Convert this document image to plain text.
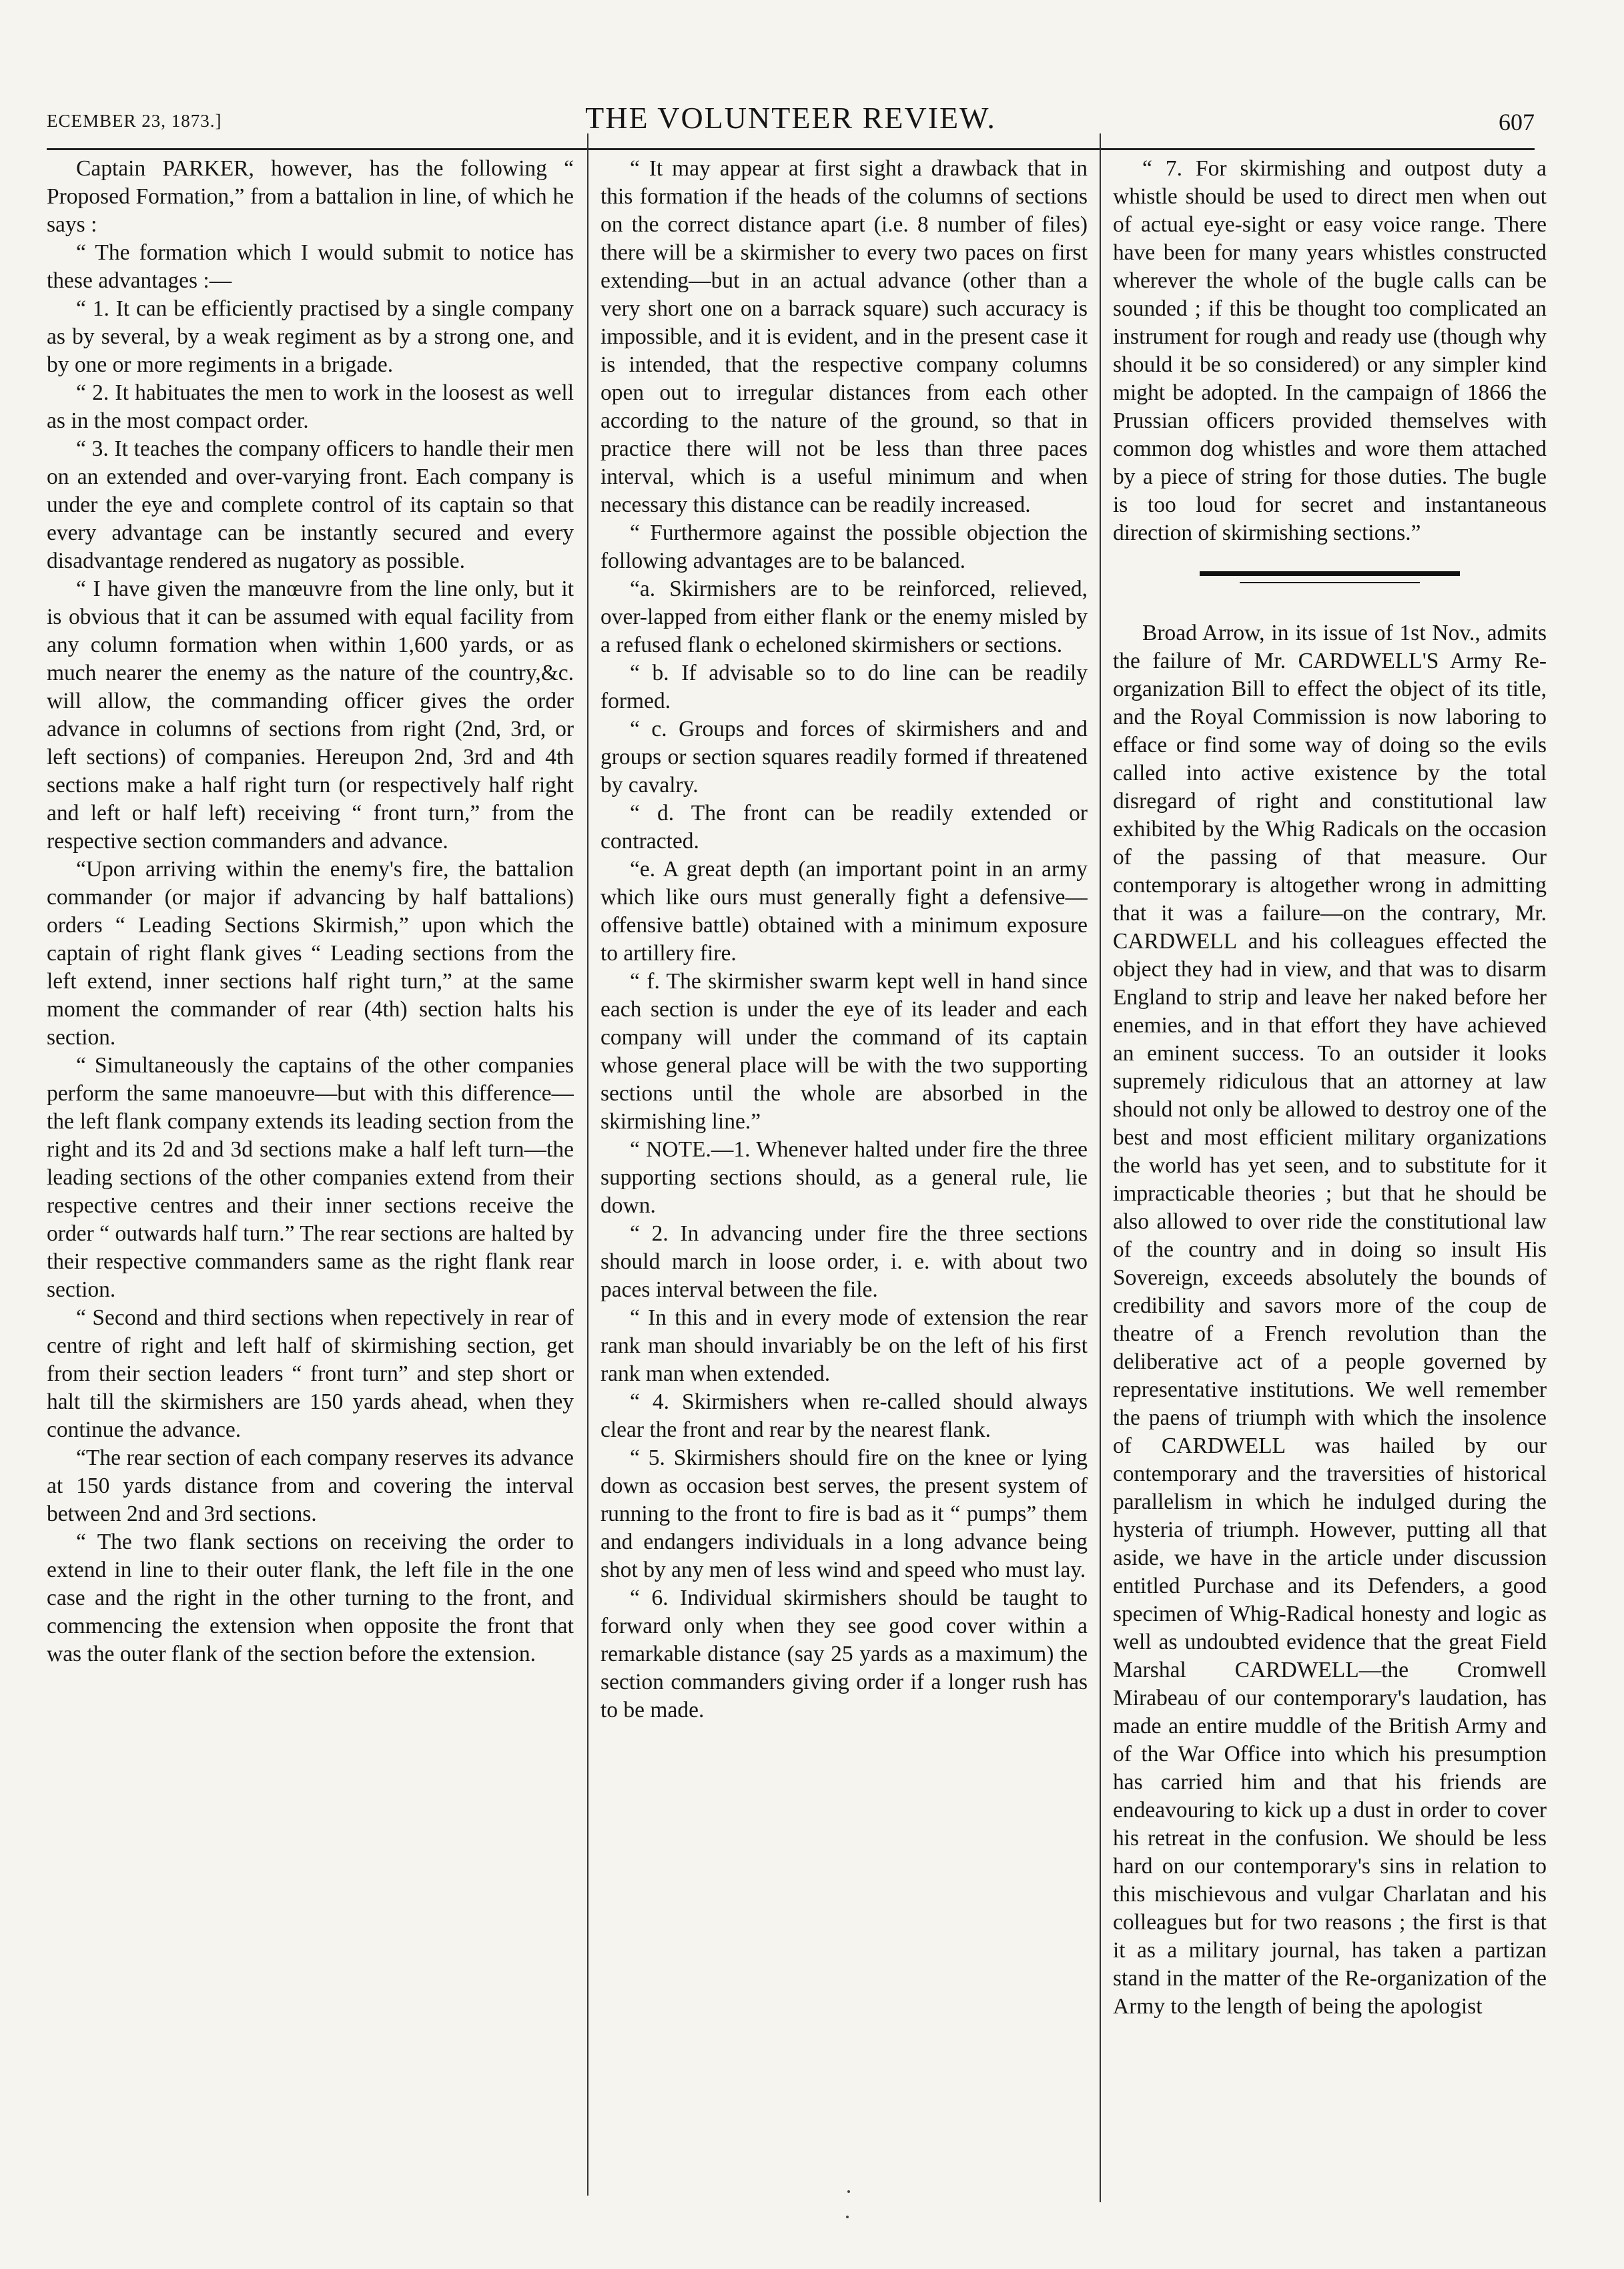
ECEMBER 23, 1873.]	THE VOLUNTEER REVIEW.	607

Captain PARKER, however, has the following “ Proposed Formation,” from a battalion in line, of which he says :

“ The formation which I would submit to notice has these advantages :—

“ 1. It can be efficiently practised by a single company as by several, by a weak regiment as by a strong one, and by one or more regiments in a brigade.

“ 2. It habituates the men to work in the loosest as well as in the most compact order.

“ 3. It teaches the company officers to handle their men on an extended and over-varying front. Each company is under the eye and complete control of its captain so that every advantage can be instantly secured and every disadvantage rendered as nugatory as possible.

“ I have given the manœuvre from the line only, but it is obvious that it can be assumed with equal facility from any column formation when within 1,600 yards, or as much nearer the enemy as the nature of the country,&c. will allow, the commanding officer gives the order advance in columns of sections from right (2nd, 3rd, or left sections) of companies. Hereupon 2nd, 3rd and 4th sections make a half right turn (or respectively half right and left or half left) receiving “ front turn,” from the respective section commanders and advance.

“Upon arriving within the enemy's fire, the battalion commander (or major if advancing by half battalions) orders “ Leading Sections Skirmish,” upon which the captain of right flank gives “ Leading sections from the left extend, inner sections half right turn,” at the same moment the commander of rear (4th) section halts his section.

“ Simultaneously the captains of the other companies perform the same manoeuvre—but with this difference—the left flank company extends its leading section from the right and its 2d and 3d sections make a half left turn—the leading sections of the other companies extend from their respective centres and their inner sections receive the order “ outwards half turn.” The rear sections are halted by their respective commanders same as the right flank rear section.

“ Second and third sections when repectively in rear of centre of right and left half of skirmishing section, get from their section leaders “ front turn” and step short or halt till the skirmishers are 150 yards ahead, when they continue the advance.

“The rear section of each company reserves its advance at 150 yards distance from and covering the interval between 2nd and 3rd sections.

“ The two flank sections on receiving the order to extend in line to their outer flank, the left file in the one case and the right in the other turning to the front, and commencing the extension when opposite the front that was the outer flank of the section before the extension.

“ It may appear at first sight a drawback that in this formation if the heads of the columns of sections on the correct distance apart (i.e. 8 number of files) there will be a skirmisher to every two paces on first extending—but in an actual advance (other than a very short one on a barrack square) such accuracy is impossible, and it is evident, and in the present case it is intended, that the respective company columns open out to irregular distances from each other according to the nature of the ground, so that in practice there will not be less than three paces interval, which is a useful minimum and when necessary this distance can be readily increased.

“ Furthermore against the possible objection the following advantages are to be balanced.

“a. Skirmishers are to be reinforced, relieved, over-lapped from either flank or the enemy misled by a refused flank o echeloned skirmishers or sections.

“ b. If advisable so to do line can be readily formed.

“ c. Groups and forces of skirmishers and and groups or section squares readily formed if threatened by cavalry.

“ d. The front can be readily extended or contracted.

“e. A great depth (an important point in an army which like ours must generally fight a defensive—offensive battle) obtained with a minimum exposure to artillery fire.

“ f. The skirmisher swarm kept well in hand since each section is under the eye of its leader and each company will under the command of its captain whose general place will be with the two supporting sections until the whole are absorbed in the skirmishing line.”

“ NOTE.—1. Whenever halted under fire the three supporting sections should, as a general rule, lie down.

“ 2. In advancing under fire the three sections should march in loose order, i. e. with about two paces interval between the file.

“ In this and in every mode of extension the rear rank man should invariably be on the left of his first rank man when extended.

“ 4. Skirmishers when re-called should always clear the front and rear by the nearest flank.

“ 5. Skirmishers should fire on the knee or lying down as occasion best serves, the present system of running to the front to fire is bad as it “ pumps” them and endangers individuals in a long advance being shot by any men of less wind and speed who must lay.

“ 6. Individual skirmishers should be taught to forward only when they see good cover within a remarkable distance (say 25 yards as a maximum) the section commanders giving order if a longer rush has to be made.

“ 7. For skirmishing and outpost duty a whistle should be used to direct men when out of actual eye-sight or easy voice range. There have been for many years whistles constructed wherever the whole of the bugle calls can be sounded ; if this be thought too complicated an instrument for rough and ready use (though why should it be so considered) or any simpler kind might be adopted. In the campaign of 1866 the Prussian officers provided themselves with common dog whistles and wore them attached by a piece of string for those duties. The bugle is too loud for secret and instantaneous direction of skirmishing sections.”

Broad Arrow, in its issue of 1st Nov., admits the failure of Mr. CARDWELL'S Army Re-organization Bill to effect the object of its title, and the Royal Commission is now laboring to efface or find some way of doing so the evils called into active existence by the total disregard of right and constitutional law exhibited by the Whig Radicals on the occasion of the passing of that measure. Our contemporary is altogether wrong in admitting that it was a failure—on the contrary, Mr. CARDWELL and his colleagues effected the object they had in view, and that was to disarm England to strip and leave her naked before her enemies, and in that effort they have achieved an eminent success. To an outsider it looks supremely ridiculous that an attorney at law should not only be allowed to destroy one of the best and most efficient military organizations the world has yet seen, and to substitute for it impracticable theories ; but that he should be also allowed to over ride the constitutional law of the country and in doing so insult His Sovereign, exceeds absolutely the bounds of credibility and savors more of the coup de theatre of a French revolution than the deliberative act of a people governed by representative institutions. We well remember the paens of triumph with which the insolence of CARDWELL was hailed by our contemporary and the traversities of historical parallelism in which he indulged during the hysteria of triumph. However, putting all that aside, we have in the article under discussion entitled Purchase and its Defenders, a good specimen of Whig-Radical honesty and logic as well as undoubted evidence that the great Field Marshal CARDWELL—the Cromwell Mirabeau of our contemporary's laudation, has made an entire muddle of the British Army and of the War Office into which his presumption has carried him and that his friends are endeavouring to kick up a dust in order to cover his retreat in the confusion. We should be less hard on our contemporary's sins in relation to this mischievous and vulgar Charlatan and his colleagues but for two reasons ; the first is that it as a military journal, has taken a partizan stand in the matter of the Re-organization of the Army to the length of being the apologist
